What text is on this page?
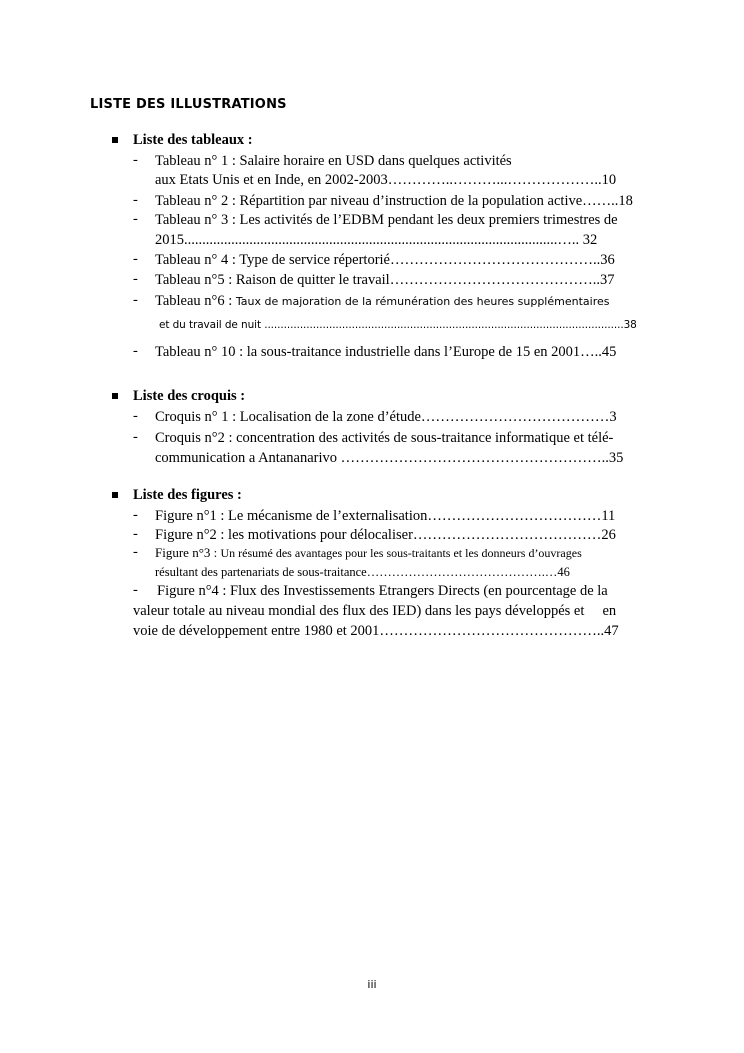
LISTE DES ILLUSTRATIONS
Liste des tableaux :
- Tableau n° 1 : Salaire horaire en USD dans quelques activités
aux Etats Unis et en Inde, en 2002-2003…………..………...………………..10
- Tableau n° 2 : Répartition par niveau d’instruction de la population active……..18
- Tableau n° 3 : Les activités de l’EDBM pendant les deux premiers trimestres de
2015.......................................................................................................….. 32
- Tableau n° 4 : Type de service répertorié……………………………………..36
- Tableau n°5 : Raison de quitter le travail……………………………………..37
- Tableau n°6 : Taux de majoration de la rémunération des heures supplémentaires
et du travail de nuit ...............................................................................................................38
- Tableau n° 10 : la sous-traitance industrielle dans l’Europe de 15 en 2001…..45
Liste des croquis :
- Croquis n° 1 : Localisation de la zone d’étude…………………………………3
- Croquis n°2 : concentration des activités de sous-traitance informatique et télé-
communication a Antananarivo ………………………………………………..35
Liste des figures :
- Figure n°1 : Le mécanisme de l’externalisation………………………………11
- Figure n°2 : les motivations pour délocaliser…………………………………26
- Figure n°3 : Un résumé des avantages pour les sous-traitants et les donneurs d’ouvrages
résultant des partenariats de sous-traitance…………………………………….…46
- Figure n°4 : Flux des Investissements Etrangers Directs (en pourcentage de la
valeur totale au niveau mondial des flux des IED) dans les pays développés et     en
voie de développement entre 1980 et 2001………………………………………..47
iii
